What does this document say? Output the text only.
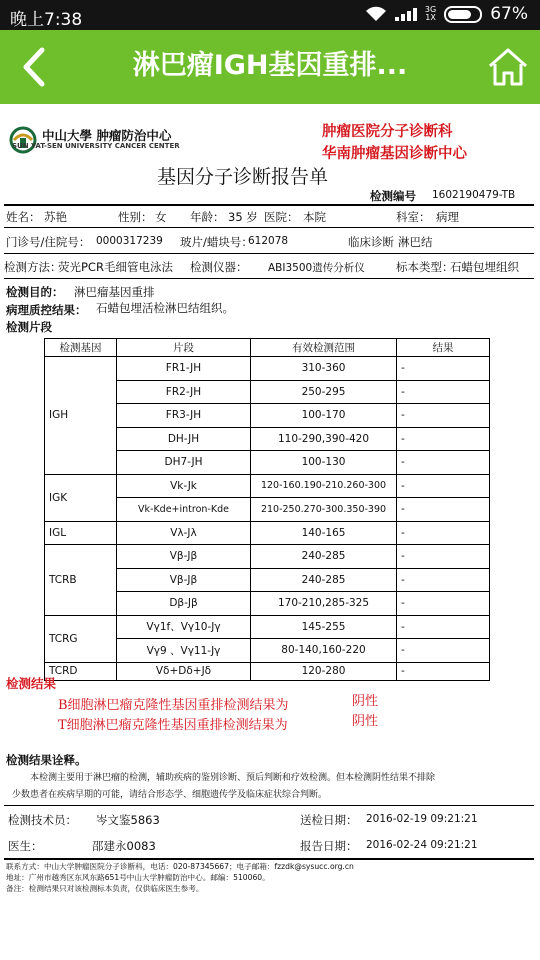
晚上7:38
3G
1X	67%
淋巴瘤IGH基因重排...
中山大學 肿瘤防治中心
SUN YAT-SEN UNIVERSITY CANCER CENTER
肿瘤医院分子诊断科
华南肿瘤基因诊断中心
基因分子诊断报告单
检测编号 1602190479-TB
姓名： 苏艳	性别： 女 年龄： 35 岁 医院： 本院	科室： 病理
门诊号/住院号： 0000317239 玻片/蜡块号：
612078	临床诊断 淋巴结
检测方法：
荧光PCR毛细管电泳法 检测仪器： ABI3500遗传分析仪	标本类型：
石蜡包埋组织
检测目的： 淋巴瘤基因重排
病理质控结果： 石蜡包埋活检淋巴结组织。
检测片段
检测基因	片段	有效检测范围	结果
IGH	FR1-JH	310-360	-
	FR2-JH	250-295	-
	FR3-JH	100-170	-
	DH-JH	110-290,390-420	-
	DH7-JH	100-130	-
IGK	Vk-Jk	120-160.190-210.260-300	-
	Vk-Kde+intron-Kde	210-250.270-300.350-390	-
IGL	Vλ-Jλ	140-165	-
TCRB	Vβ-Jβ	240-285	-
	Vβ-Jβ	240-285	-
	Dβ-Jβ	170-210,285-325	-
TCRG	Vγ1f、Vγ10-Jγ	145-255	-
	Vγ9 、Vγ11-Jγ	80-140,160-220	-
TCRD	Vδ+Dδ+Jδ	120-280	-
检测结果
B细胞淋巴瘤克隆性基因重排检测结果为	阴性
T细胞淋巴瘤克隆性基因重排检测结果为	阴性
检测结果诠释。
本检测主要用于淋巴瘤的检测，辅助疾病的鉴别诊断、预后判断和疗效检测。但本检测阴性结果不排除
少数患者在疾病早期的可能，请结合形态学、细胞遗传学及临床症状综合判断。
检测技术员： 岑文鉴5863	送检日期： 2016-02-19 09:21:21
医生：	邵建永0083	报告日期： 2016-02-24 09:21:21
联系方式：中山大学肿瘤医院分子诊断科，电话：020-87345667；电子邮箱：fzzdk@sysucc.org.cn
地址：广州市越秀区东风东路651号中山大学肿瘤防治中心。邮编：510060。
备注：检测结果只对该检测标本负责，仅供临床医生参考。
